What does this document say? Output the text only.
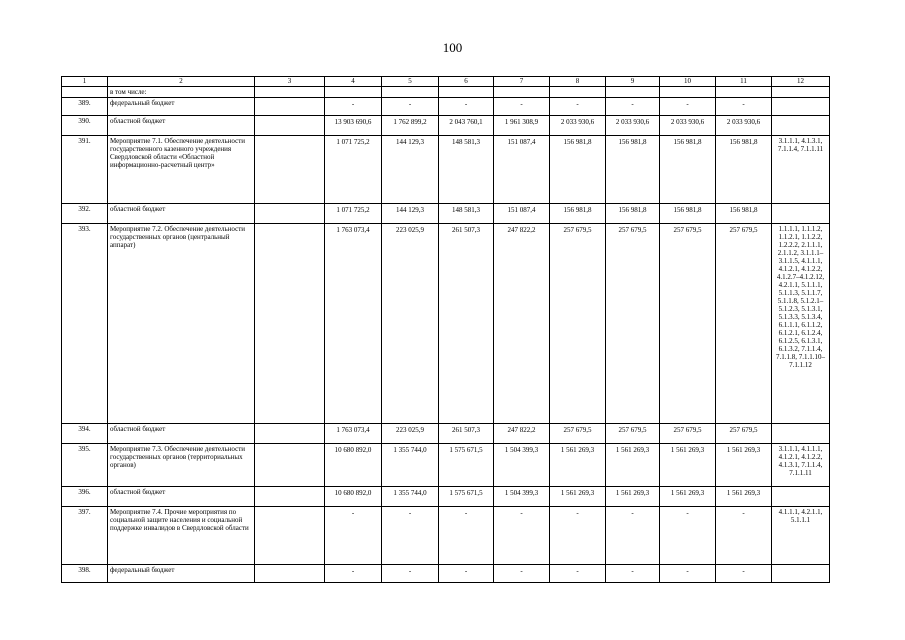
100
1	2	3	4	5	6	7	8	9	10	11	12
	в том числе:										
389.	федеральный бюджет		-	-	-	-	-	-	-	-	
390.	областной бюджет		13 903 690,6	1 762 899,2	2 043 760,1	1 961 308,9	2 033 930,6	2 033 930,6	2 033 930,6	2 033 930,6	
391.	Мероприятие 7.1. Обеспечение деятельности государственного казенного учреждения Свердловской области «Областной информационно-расчетный центр»		1 071 725,2	144 129,3	148 581,3	151 087,4	156 981,8	156 981,8	156 981,8	156 981,8	3.1.1.1, 4.1.3.1, 7.1.1.4, 7.1.1.11
392.	областной бюджет		1 071 725,2	144 129,3	148 581,3	151 087,4	156 981,8	156 981,8	156 981,8	156 981,8	
393.	Мероприятие 7.2. Обеспечение деятельности государственных органов (центральный аппарат)		1 763 073,4	223 025,9	261 507,3	247 822,2	257 679,5	257 679,5	257 679,5	257 679,5	1.1.1.1, 1.1.1.2, 1.1.2.1, 1.1.2.2, 1.2.2.2, 2.1.1.1, 2.1.1.2, 3.1.1.1– 3.1.1.5, 4.1.1.1, 4.1.2.1, 4.1.2.2, 4.1.2.7–4.1.2.12, 4.2.1.1, 5.1.1.1, 5.1.1.3, 5.1.1.7, 5.1.1.8, 5.1.2.1– 5.1.2.3, 5.1.3.1, 5.1.3.3, 5.1.3.4, 6.1.1.1, 6.1.1.2, 6.1.2.1, 6.1.2.4, 6.1.2.5, 6.1.3.1, 6.1.3.2, 7.1.1.4, 7.1.1.8, 7.1.1.10– 7.1.1.12
394.	областной бюджет		1 763 073,4	223 025,9	261 507,3	247 822,2	257 679,5	257 679,5	257 679,5	257 679,5	
395.	Мероприятие 7.3. Обеспечение деятельности государственных органов (территориальных органов)		10 680 892,0	1 355 744,0	1 575 671,5	1 504 399,3	1 561 269,3	1 561 269,3	1 561 269,3	1 561 269,3	3.1.1.1, 4.1.1.1, 4.1.2.1, 4.1.2.2, 4.1.3.1, 7.1.1.4, 7.1.1.11
396.	областной бюджет		10 680 892,0	1 355 744,0	1 575 671,5	1 504 399,3	1 561 269,3	1 561 269,3	1 561 269,3	1 561 269,3	
397.	Мероприятие 7.4. Прочие мероприятия по социальной защите населения и социальной поддержке инвалидов в Свердловской области		-	-	-	-	-	-	-	-	4.1.1.1, 4.2.1.1, 5.1.1.1
398.	федеральный бюджет		-	-	-	-	-	-	-	-	
